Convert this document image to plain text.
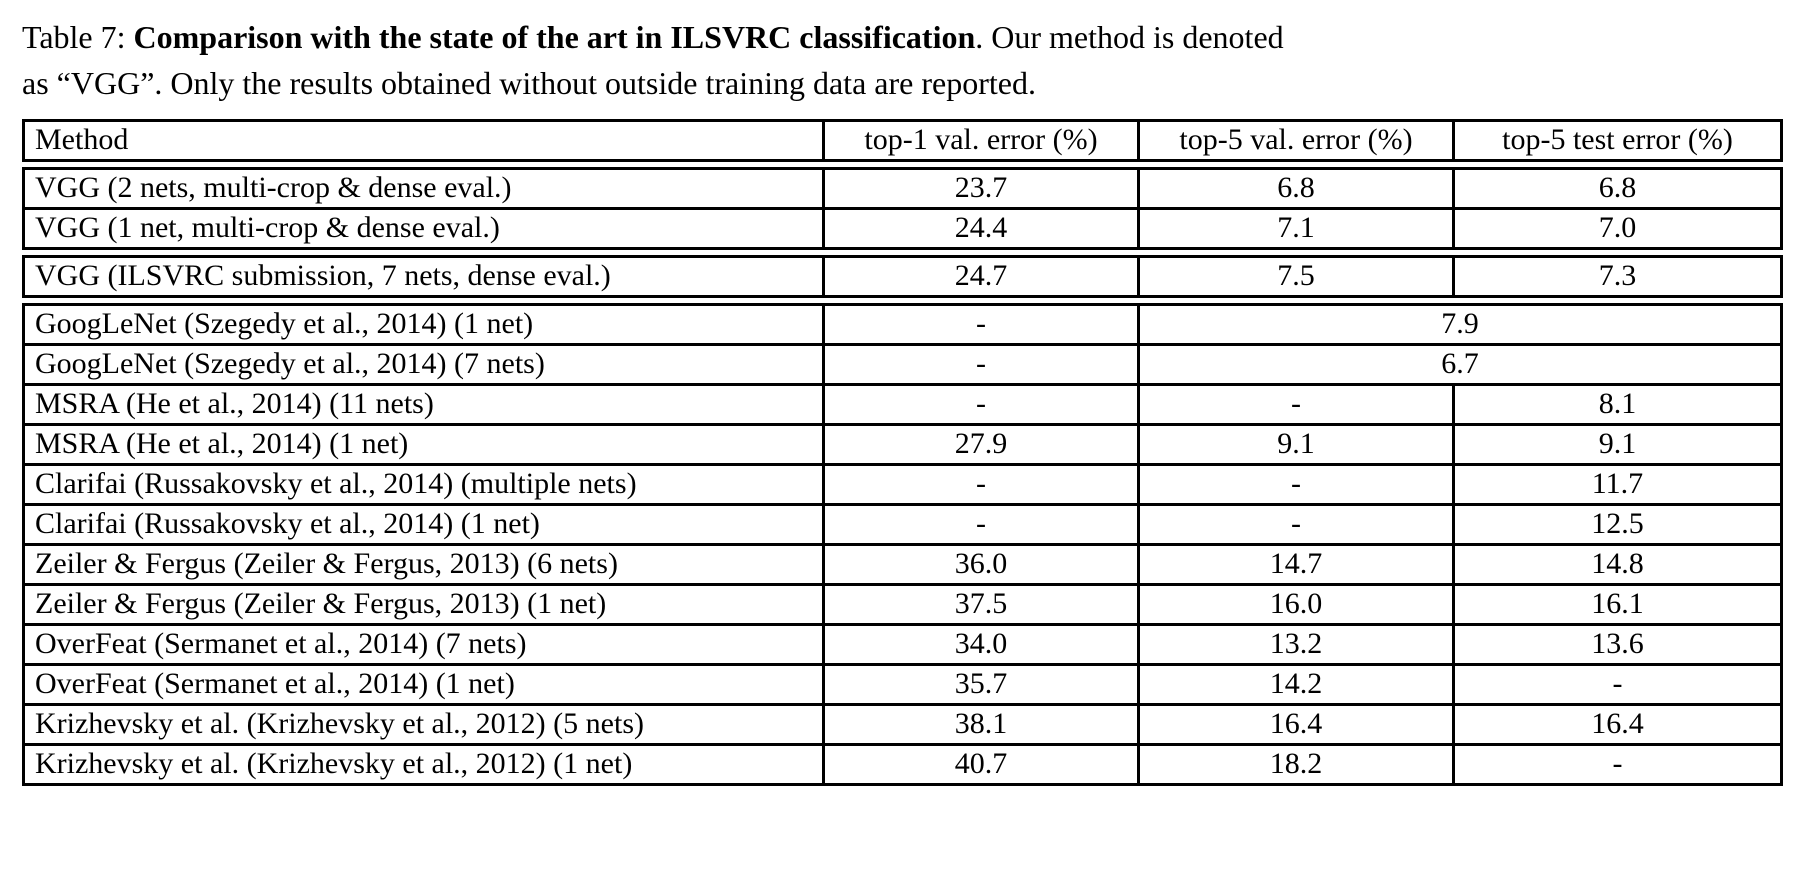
Table 7: Comparison with the state of the art in ILSVRC classification. Our method is denoted
as “VGG”. Only the results obtained without outside training data are reported.

Method	top-1 val. error (%)	top-5 val. error (%)	top-5 test error (%)
VGG (2 nets, multi-crop & dense eval.)	23.7	6.8	6.8
VGG (1 net, multi-crop & dense eval.)	24.4	7.1	7.0
VGG (ILSVRC submission, 7 nets, dense eval.)	24.7	7.5	7.3
GoogLeNet (Szegedy et al., 2014) (1 net)	-	7.9	
GoogLeNet (Szegedy et al., 2014) (7 nets)	-	6.7	
MSRA (He et al., 2014) (11 nets)	-	-	8.1
MSRA (He et al., 2014) (1 net)	27.9	9.1	9.1
Clarifai (Russakovsky et al., 2014) (multiple nets)	-	-	11.7
Clarifai (Russakovsky et al., 2014) (1 net)	-	-	12.5
Zeiler & Fergus (Zeiler & Fergus, 2013) (6 nets)	36.0	14.7	14.8
Zeiler & Fergus (Zeiler & Fergus, 2013) (1 net)	37.5	16.0	16.1
OverFeat (Sermanet et al., 2014) (7 nets)	34.0	13.2	13.6
OverFeat (Sermanet et al., 2014) (1 net)	35.7	14.2	-
Krizhevsky et al. (Krizhevsky et al., 2012) (5 nets)	38.1	16.4	16.4
Krizhevsky et al. (Krizhevsky et al., 2012) (1 net)	40.7	18.2	-
